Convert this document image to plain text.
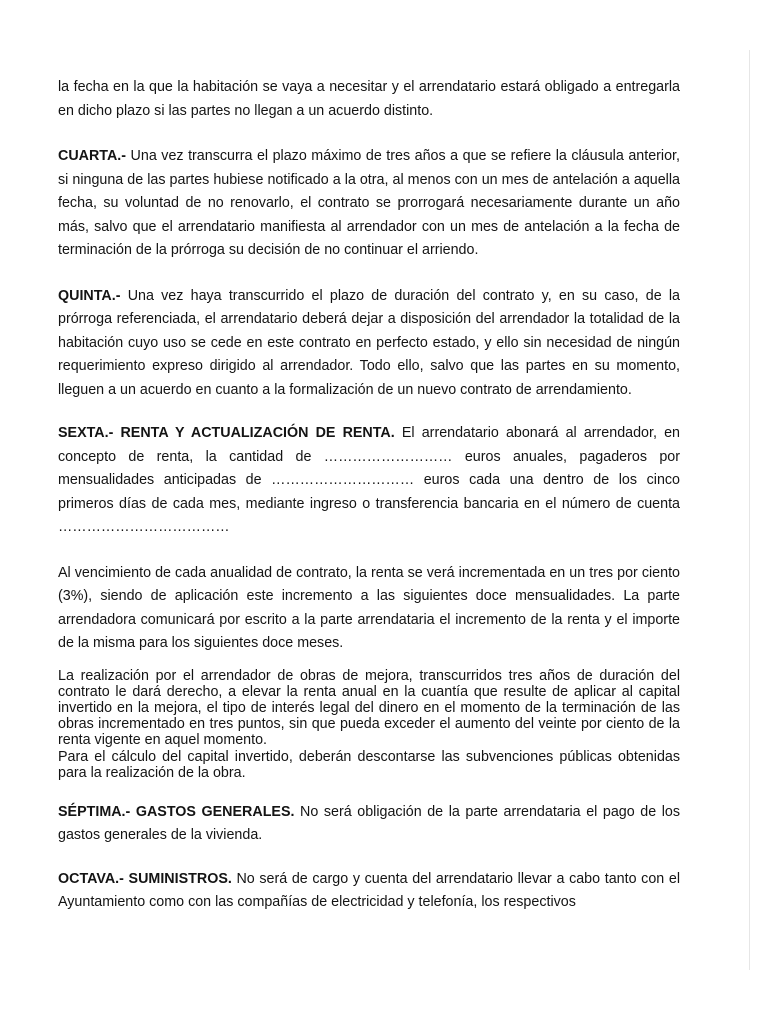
la fecha en la que la habitación se vaya a necesitar y el arrendatario estará obligado a entregarla en dicho plazo si las partes no llegan a un acuerdo distinto.

CUARTA.- Una vez transcurra el plazo máximo de tres años a que se refiere la cláusula anterior, si ninguna de las partes hubiese notificado a la otra, al menos con un mes de antelación a aquella fecha, su voluntad de no renovarlo, el contrato se prorrogará necesariamente durante un año más, salvo que el arrendatario manifiesta al arrendador con un mes de antelación a la fecha de terminación de la prórroga su decisión de no continuar el arriendo.

QUINTA.- Una vez haya transcurrido el plazo de duración del contrato y, en su caso, de la prórroga referenciada, el arrendatario deberá dejar a disposición del arrendador la totalidad de la habitación cuyo uso se cede en este contrato en perfecto estado, y ello sin necesidad de ningún requerimiento expreso dirigido al arrendador. Todo ello, salvo que las partes en su momento, lleguen a un acuerdo en cuanto a la formalización de un nuevo contrato de arrendamiento.

SEXTA.- RENTA Y ACTUALIZACIÓN DE RENTA. El arrendatario abonará al arrendador, en concepto de renta, la cantidad de ……………………… euros anuales, pagaderos por mensualidades anticipadas de ………………………… euros cada una dentro de los cinco primeros días de cada mes, mediante ingreso o transferencia bancaria en el número de cuenta ………………………………

Al vencimiento de cada anualidad de contrato, la renta se verá incrementada en un tres por ciento (3%), siendo de aplicación este incremento a las siguientes doce mensualidades. La parte arrendadora comunicará por escrito a la parte arrendataria el incremento de la renta y el importe de la misma para los siguientes doce meses.

La realización por el arrendador de obras de mejora, transcurridos tres años de duración del contrato le dará derecho, a elevar la renta anual en la cuantía que resulte de aplicar al capital invertido en la mejora, el tipo de interés legal del dinero en el momento de la terminación de las obras incrementado en tres puntos, sin que pueda exceder el aumento del veinte por ciento de la renta vigente en aquel momento.

Para el cálculo del capital invertido, deberán descontarse las subvenciones públicas obtenidas para la realización de la obra.

SÉPTIMA.- GASTOS GENERALES. No será obligación de la parte arrendataria el pago de los gastos generales de la vivienda.

OCTAVA.- SUMINISTROS. No será de cargo y cuenta del arrendatario llevar a cabo tanto con el Ayuntamiento como con las compañías de electricidad y telefonía, los respectivos
